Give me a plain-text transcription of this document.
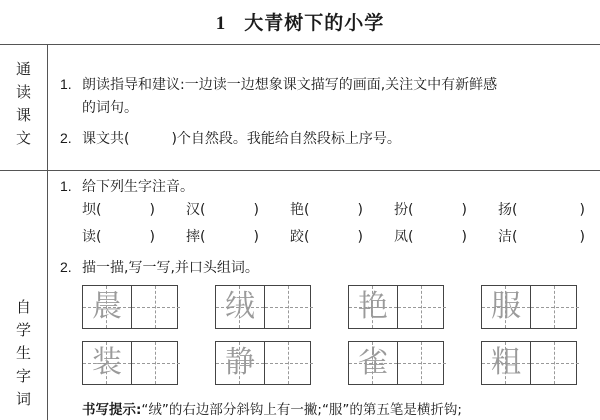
1 大青树下的小学
通
读
课
文
1. 朗读指导和建议:一边读一边想象课文描写的画面,关注文中有新鲜感
的词句。
2. 课文共(　　　)个自然段。我能给自然段标上序号。
自
学
生
字
词
1. 给下列生字注音。
坝(	) 汉(	) 艳(	) 扮(	) 扬(	)
读(	) 摔(	) 跤(	) 凤(	) 洁(	)
2. 描一描,写一写,并口头组词。
晨	绒	艳	服
装	静	雀	粗
书写提示:“绒”的右边部分斜钩上有一撇;“服”的第五笔是横折钩;
